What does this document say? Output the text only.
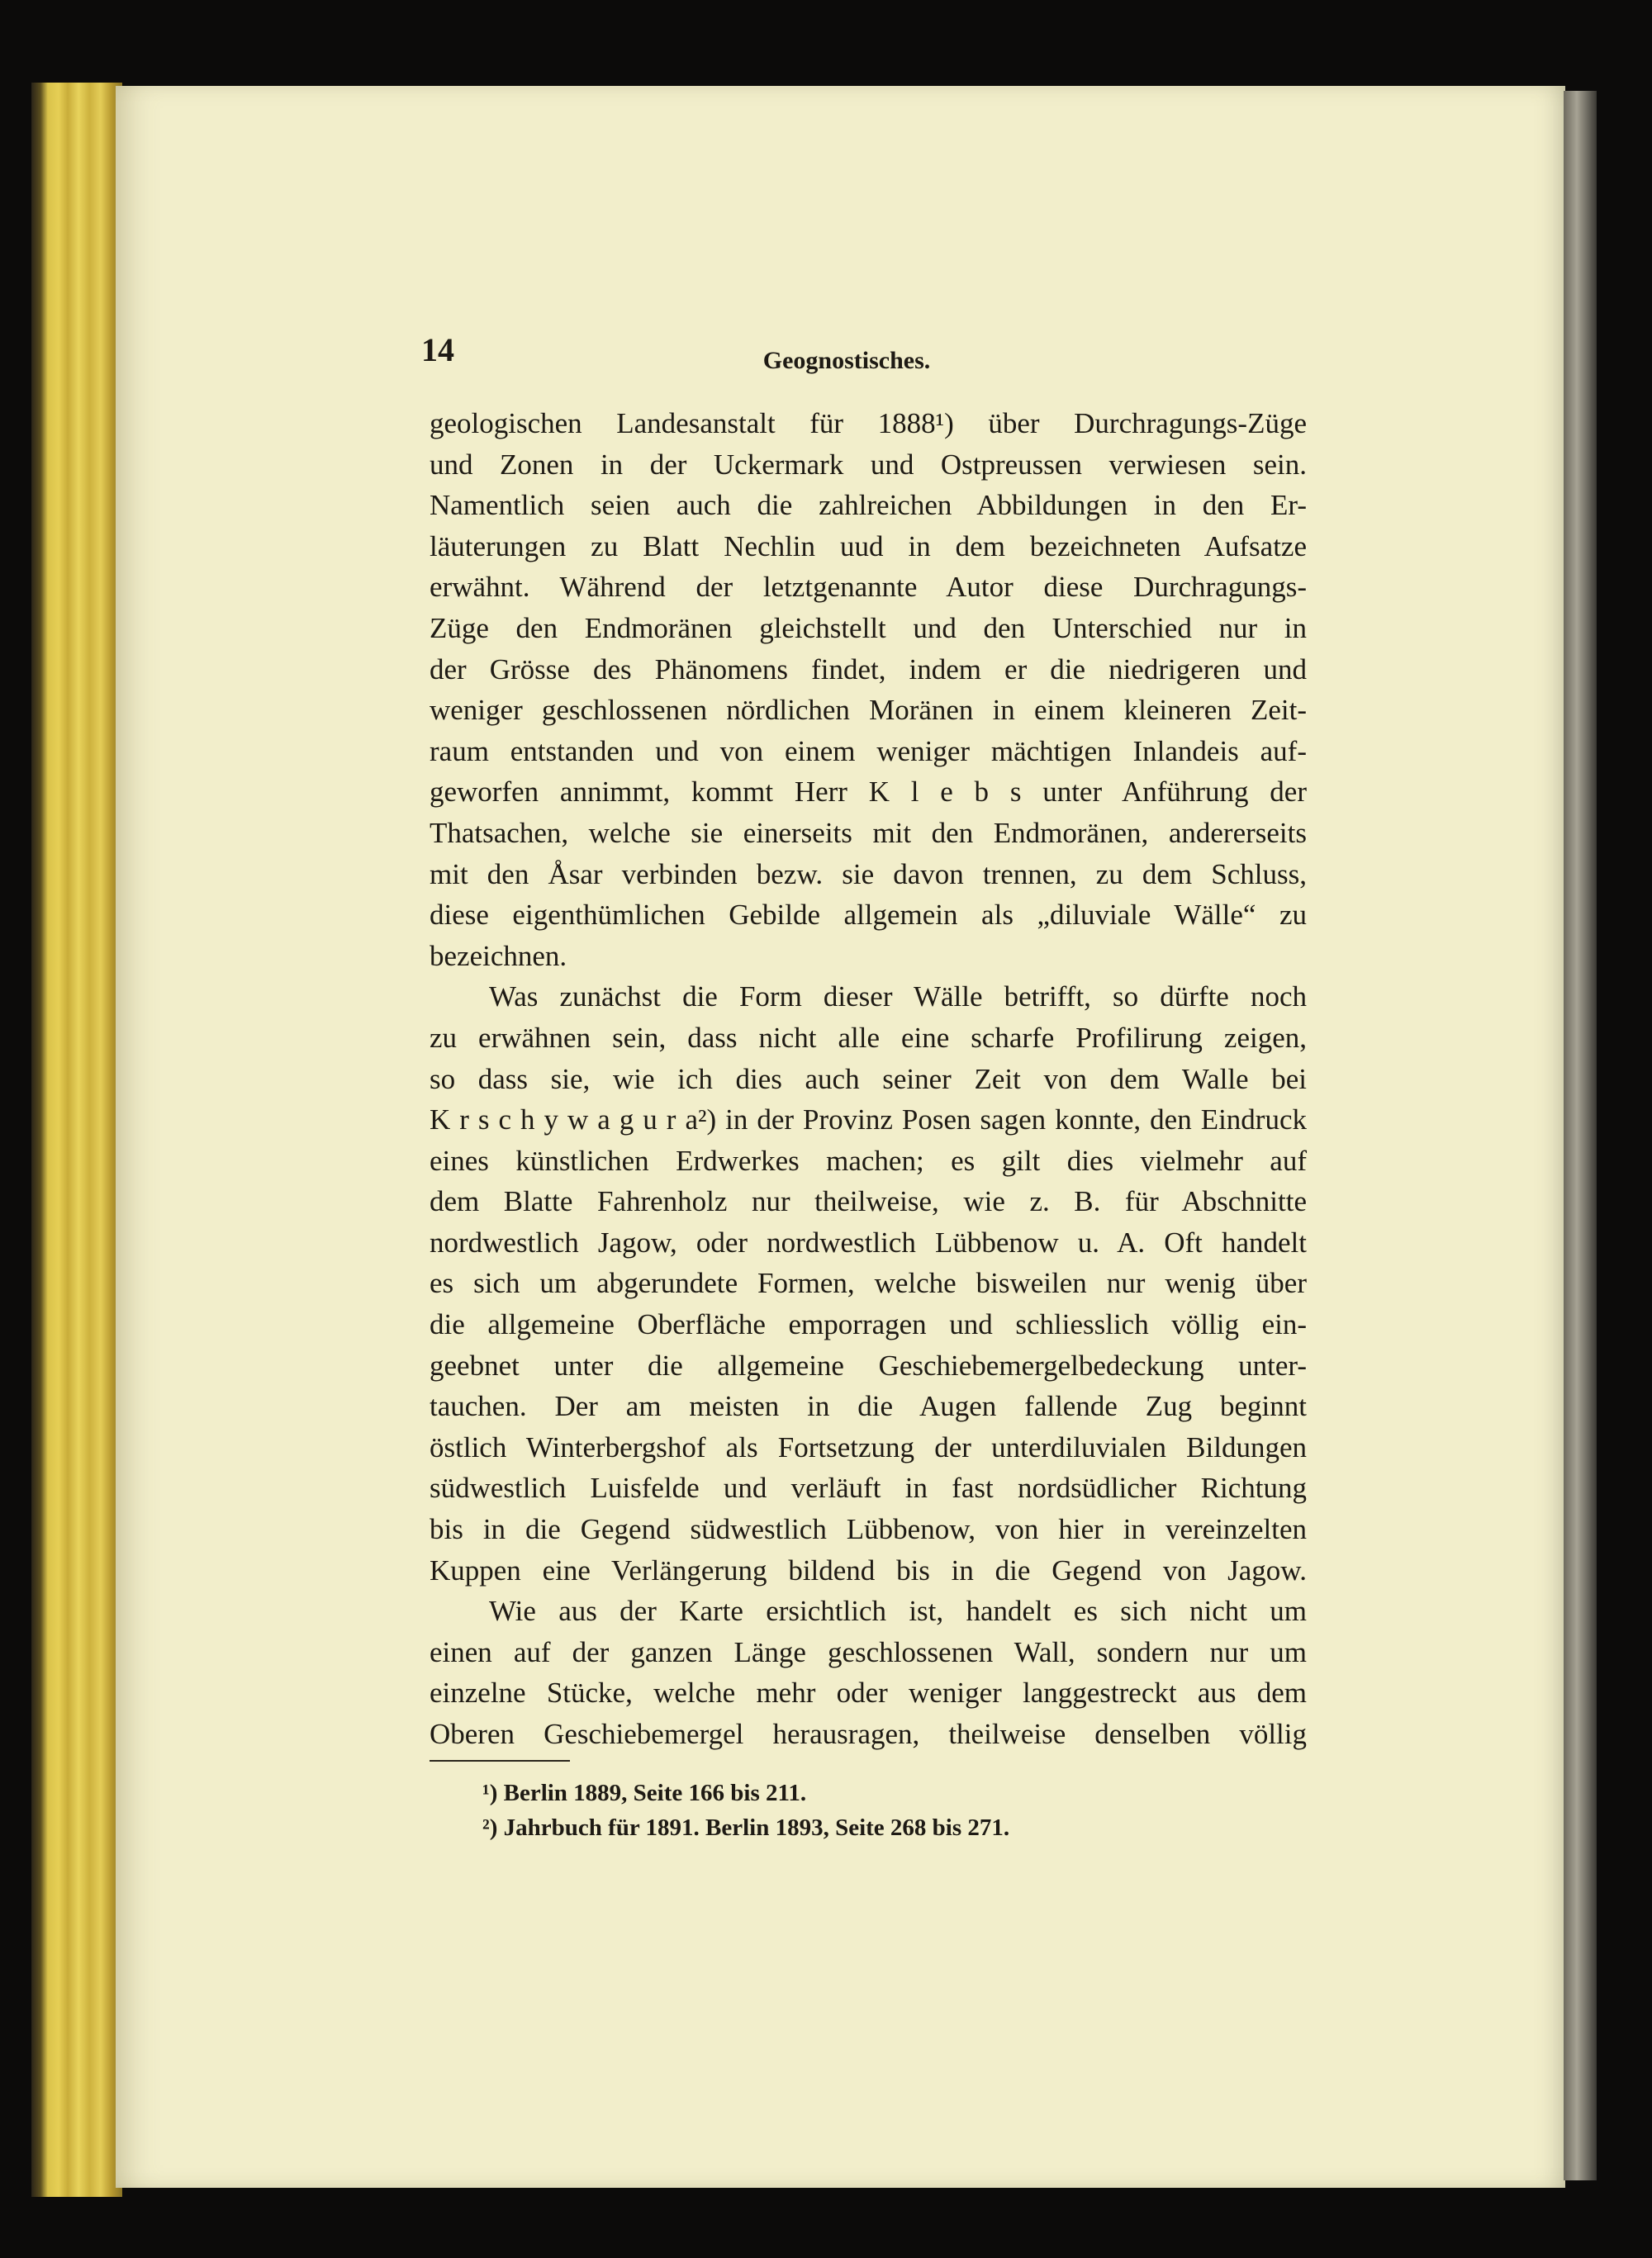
14	Geognostisches.
geologischen Landesanstalt für 1888¹) über Durchragungs-Züge
und Zonen in der Uckermark und Ostpreussen verwiesen sein.
Namentlich seien auch die zahlreichen Abbildungen in den Er-
läuterungen zu Blatt Nechlin uud in dem bezeichneten Aufsatze
erwähnt. Während der letztgenannte Autor diese Durchragungs-
Züge den Endmoränen gleichstellt und den Unterschied nur in
der Grösse des Phänomens findet, indem er die niedrigeren und
weniger geschlossenen nördlichen Moränen in einem kleineren Zeit-
raum entstanden und von einem weniger mächtigen Inlandeis auf-
geworfen annimmt, kommt Herr K l e b s unter Anführung der
Thatsachen, welche sie einerseits mit den Endmoränen, andererseits
mit den Åsar verbinden bezw. sie davon trennen, zu dem Schluss,
diese eigenthümlichen Gebilde allgemein als „diluviale Wälle“ zu
bezeichnen.
Was zunächst die Form dieser Wälle betrifft, so dürfte noch
zu erwähnen sein, dass nicht alle eine scharfe Profilirung zeigen,
so dass sie, wie ich dies auch seiner Zeit von dem Walle bei
K r s c h y w a g u r a²) in der Provinz Posen sagen konnte, den Eindruck
eines künstlichen Erdwerkes machen; es gilt dies vielmehr auf
dem Blatte Fahrenholz nur theilweise, wie z. B. für Abschnitte
nordwestlich Jagow, oder nordwestlich Lübbenow u. A. Oft handelt
es sich um abgerundete Formen, welche bisweilen nur wenig über
die allgemeine Oberfläche emporragen und schliesslich völlig ein-
geebnet unter die allgemeine Geschiebemergelbedeckung unter-
tauchen. Der am meisten in die Augen fallende Zug beginnt
östlich Winterbergshof als Fortsetzung der unterdiluvialen Bildungen
südwestlich Luisfelde und verläuft in fast nordsüdlicher Richtung
bis in die Gegend südwestlich Lübbenow, von hier in vereinzelten
Kuppen eine Verlängerung bildend bis in die Gegend von Jagow.
Wie aus der Karte ersichtlich ist, handelt es sich nicht um
einen auf der ganzen Länge geschlossenen Wall, sondern nur um
einzelne Stücke, welche mehr oder weniger langgestreckt aus dem
Oberen Geschiebemergel herausragen, theilweise denselben völlig
¹) Berlin 1889, Seite 166 bis 211.
²) Jahrbuch für 1891. Berlin 1893, Seite 268 bis 271.
